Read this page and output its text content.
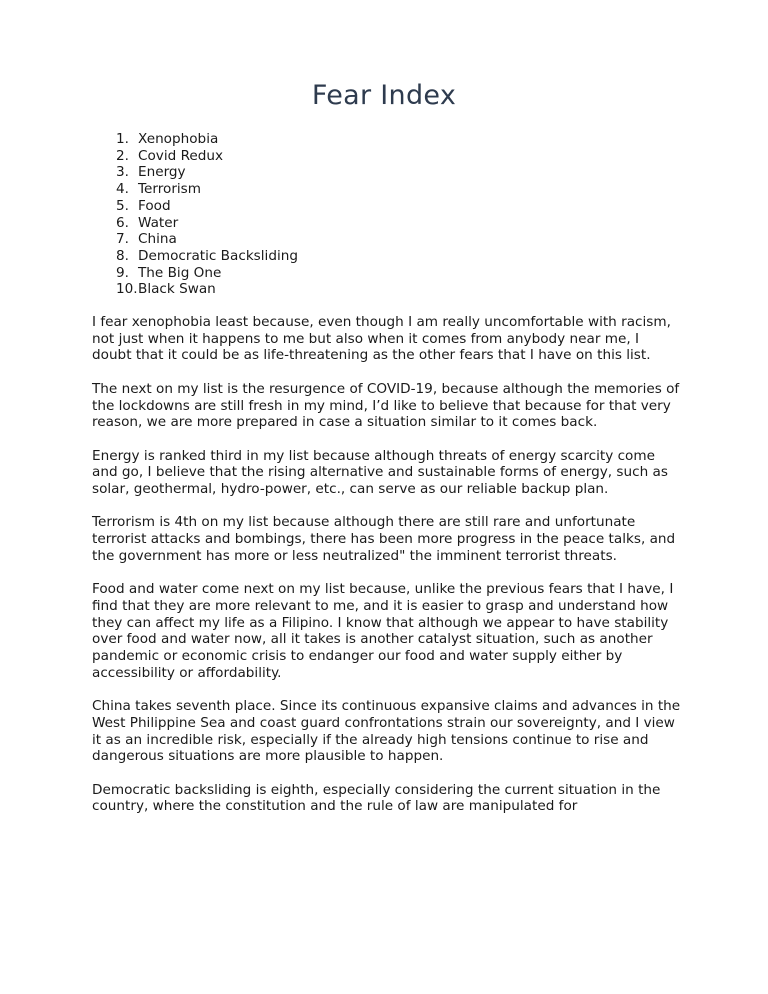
Fear Index
1. Xenophobia
2. Covid Redux
3. Energy
4. Terrorism
5. Food
6. Water
7. China
8. Democratic Backsliding
9. The Big One
10. Black Swan

I fear xenophobia least because, even though I am really uncomfortable with racism, not just when it happens to me but also when it comes from anybody near me, I doubt that it could be as life-threatening as the other fears that I have on this list.

The next on my list is the resurgence of COVID-19, because although the memories of the lockdowns are still fresh in my mind, I’d like to believe that because for that very reason, we are more prepared in case a situation similar to it comes back.

Energy is ranked third in my list because although threats of energy scarcity come and go, I believe that the rising alternative and sustainable forms of energy, such as solar, geothermal, hydro-power, etc., can serve as our reliable backup plan.

Terrorism is 4th on my list because although there are still rare and unfortunate terrorist attacks and bombings, there has been more progress in the peace talks, and the government has more or less neutralized" the imminent terrorist threats.

Food and water come next on my list because, unlike the previous fears that I have, I find that they are more relevant to me, and it is easier to grasp and understand how they can affect my life as a Filipino. I know that although we appear to have stability over food and water now, all it takes is another catalyst situation, such as another pandemic or economic crisis to endanger our food and water supply either by accessibility or affordability.

China takes seventh place. Since its continuous expansive claims and advances in the West Philippine Sea and coast guard confrontations strain our sovereignty, and I view it as an incredible risk, especially if the already high tensions continue to rise and dangerous situations are more plausible to happen.

Democratic backsliding is eighth, especially considering the current situation in the country, where the constitution and the rule of law are manipulated for
